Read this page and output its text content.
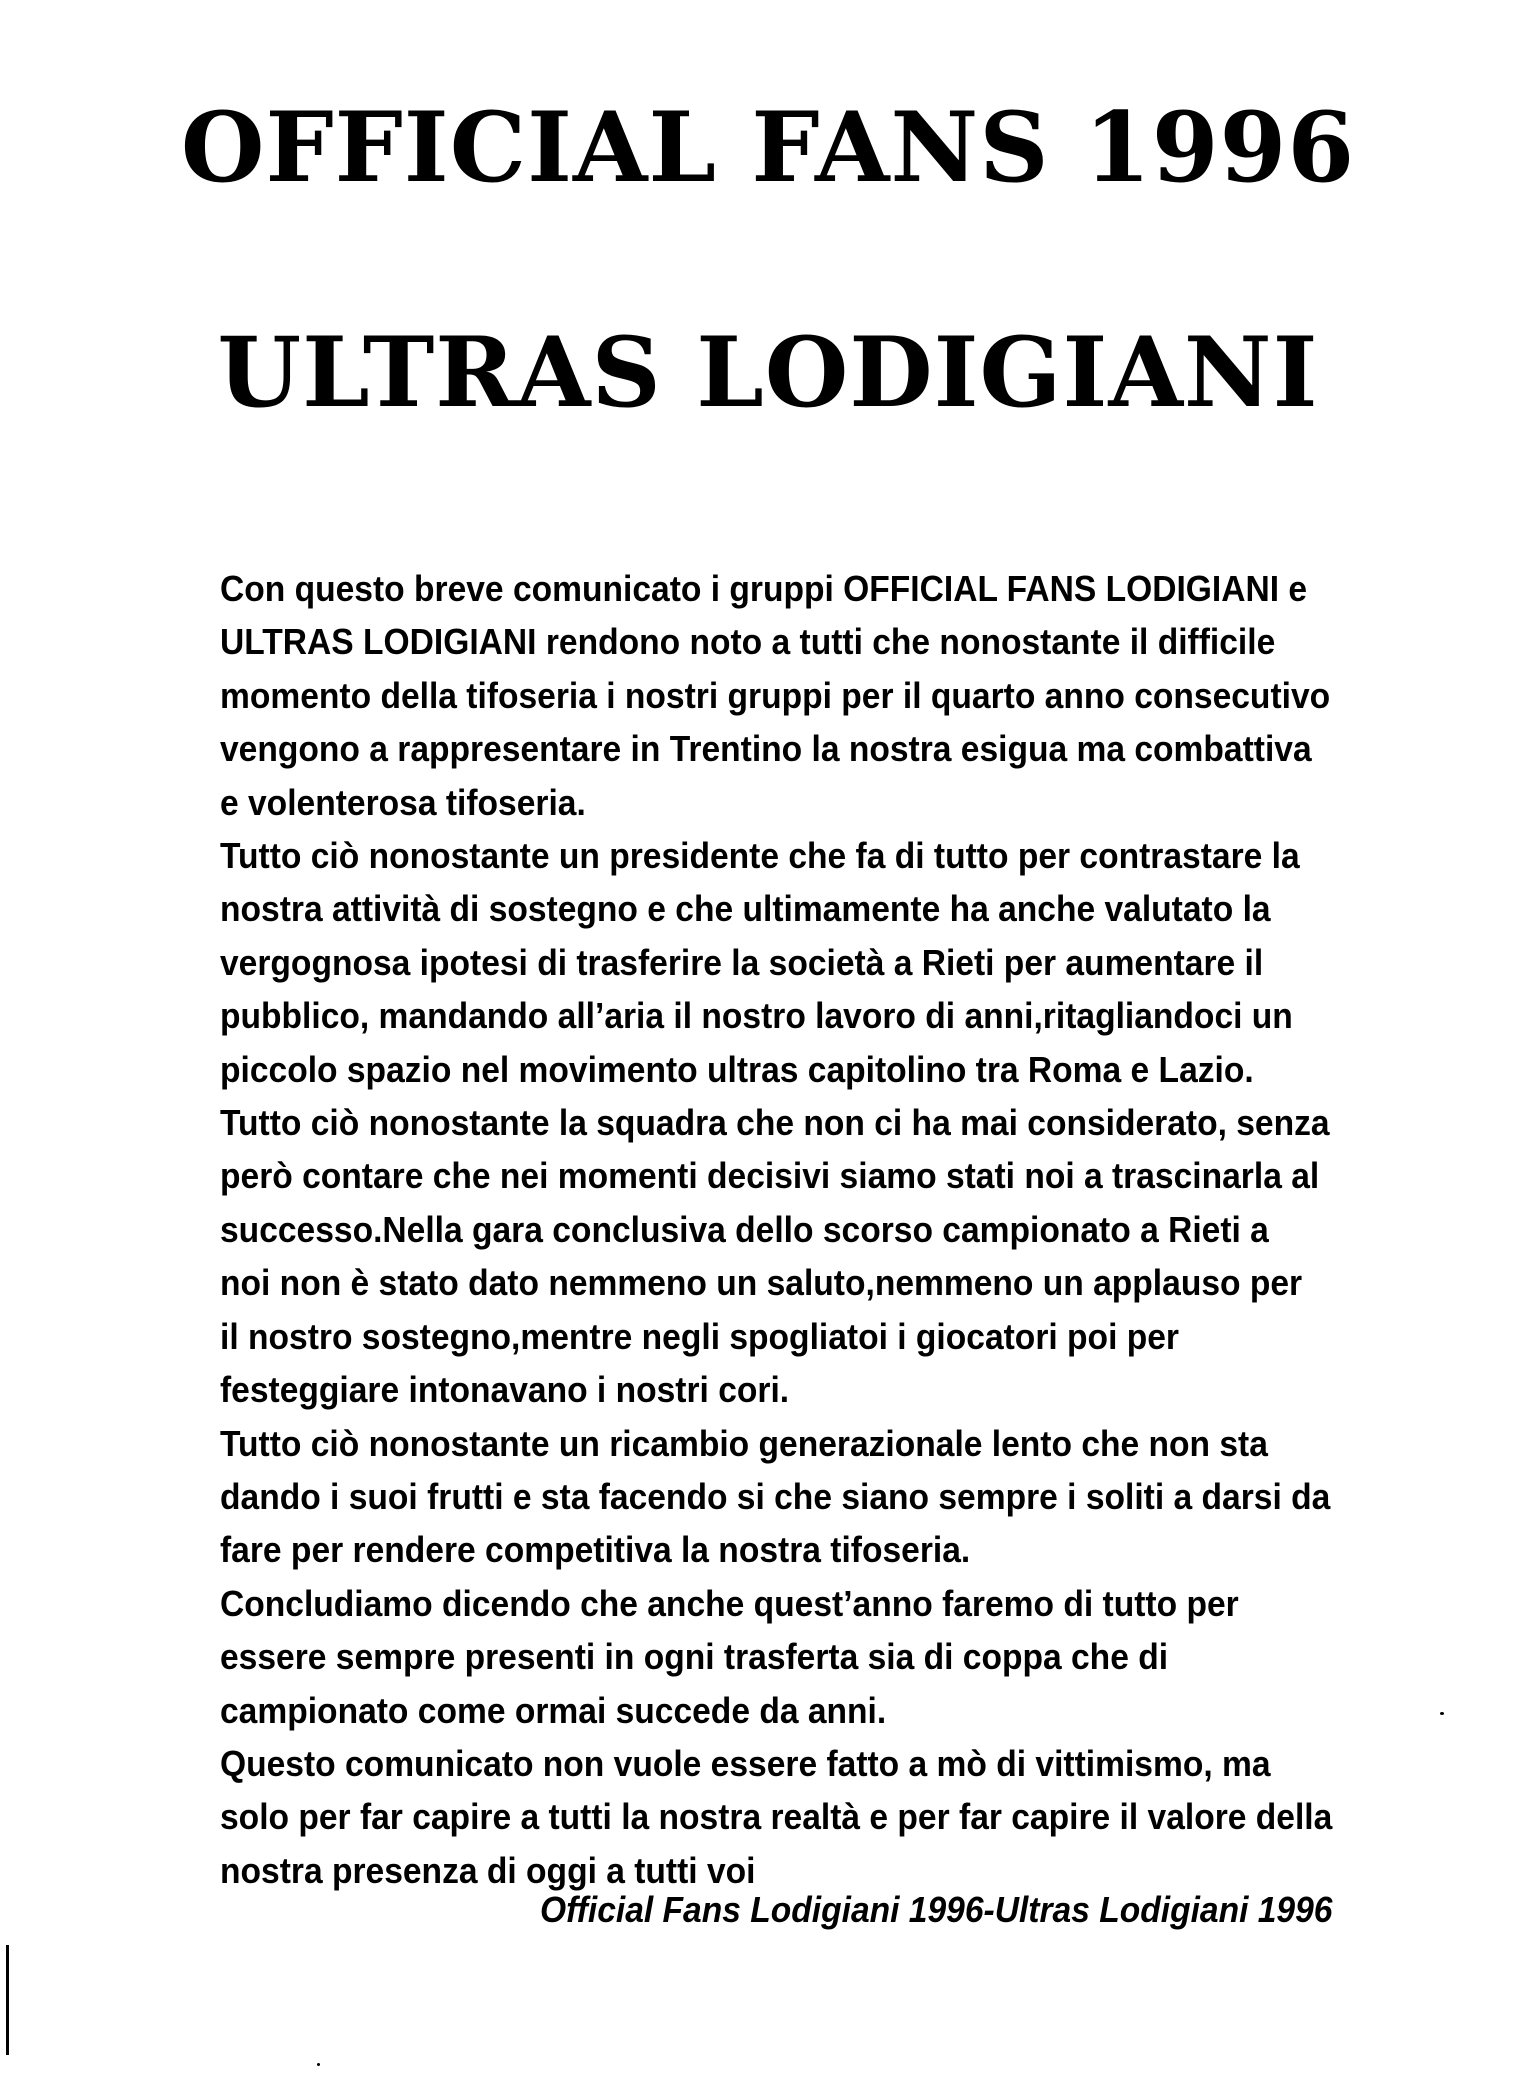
OFFICIAL FANS 1996
ULTRAS LODIGIANI
Con questo breve comunicato i gruppi OFFICIAL FANS LODIGIANI e
ULTRAS LODIGIANI rendono noto a tutti che nonostante il difficile
momento della tifoseria i nostri gruppi per il quarto anno consecutivo
vengono a rappresentare in Trentino la nostra esigua ma combattiva
e volenterosa tifoseria.
Tutto ciò nonostante un presidente che fa di tutto per contrastare la
nostra attività di sostegno e che ultimamente ha anche valutato la
vergognosa ipotesi di trasferire la società a Rieti per aumentare il
pubblico, mandando all’aria il nostro lavoro di anni,ritagliandoci un
piccolo spazio nel movimento ultras capitolino tra Roma e Lazio.
Tutto ciò nonostante la squadra che non ci ha mai considerato, senza
però contare che nei momenti decisivi siamo stati noi a trascinarla al
successo.Nella gara conclusiva dello scorso campionato a Rieti a
noi non è stato dato nemmeno un saluto,nemmeno un applauso per
il nostro sostegno,mentre negli spogliatoi i giocatori poi per
festeggiare intonavano i nostri cori.
Tutto ciò nonostante un ricambio generazionale lento che non sta
dando i suoi frutti e sta facendo si che siano sempre i soliti a darsi da
fare per rendere competitiva la nostra tifoseria.
Concludiamo dicendo che anche quest’anno faremo di tutto per
essere sempre presenti in ogni trasferta sia di coppa che di
campionato come ormai succede da anni.
Questo comunicato non vuole essere fatto a mò di vittimismo, ma
solo per far capire a tutti la nostra realtà e per far capire il valore della
nostra presenza di oggi a tutti voi
Official Fans Lodigiani 1996-Ultras Lodigiani 1996
